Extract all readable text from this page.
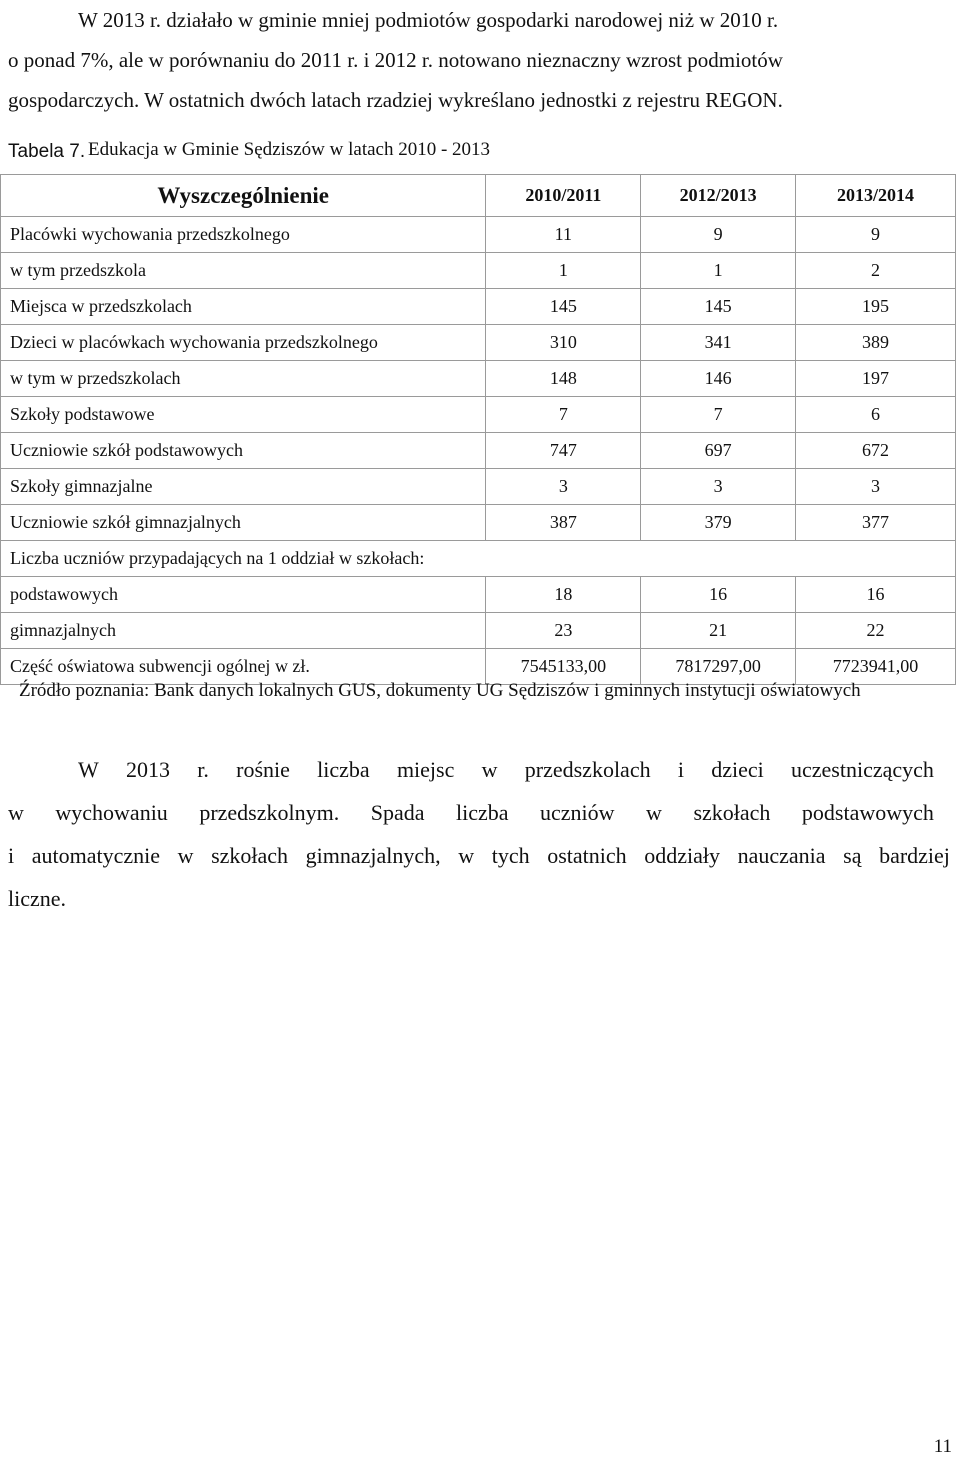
W 2013 r. działało w gminie mniej podmiotów gospodarki narodowej niż w 2010 r.
o ponad 7%, ale w porównaniu do 2011 r. i 2012 r. notowano nieznaczny wzrost podmiotów
gospodarczych. W ostatnich dwóch latach rzadziej wykreślano jednostki z rejestru REGON.
Tabela 7. Edukacja w Gminie Sędziszów w latach 2010 - 2013
Wyszczególnienie	2010/2011	2012/2013	2013/2014
Placówki wychowania przedszkolnego	11	9	9
w tym przedszkola	1	1	2
Miejsca w przedszkolach	145	145	195
Dzieci w placówkach wychowania przedszkolnego	310	341	389
w tym w przedszkolach	148	146	197
Szkoły podstawowe	7	7	6
Uczniowie szkół podstawowych	747	697	672
Szkoły gimnazjalne	3	3	3
Uczniowie szkół gimnazjalnych	387	379	377
Liczba uczniów przypadających na 1 oddział w szkołach:			
podstawowych	18	16	16
gimnazjalnych	23	21	22
Część oświatowa subwencji ogólnej w zł.	7545133,00	7817297,00	7723941,00
Źródło poznania: Bank danych lokalnych GUS, dokumenty UG Sędziszów i gminnych instytucji oświatowych
W 2013 r. rośnie liczba miejsc w przedszkolach i dzieci uczestniczących
w wychowaniu przedszkolnym. Spada liczba uczniów w szkołach podstawowych
i automatycznie w szkołach gimnazjalnych, w tych ostatnich oddziały nauczania są bardziej
liczne.
11
